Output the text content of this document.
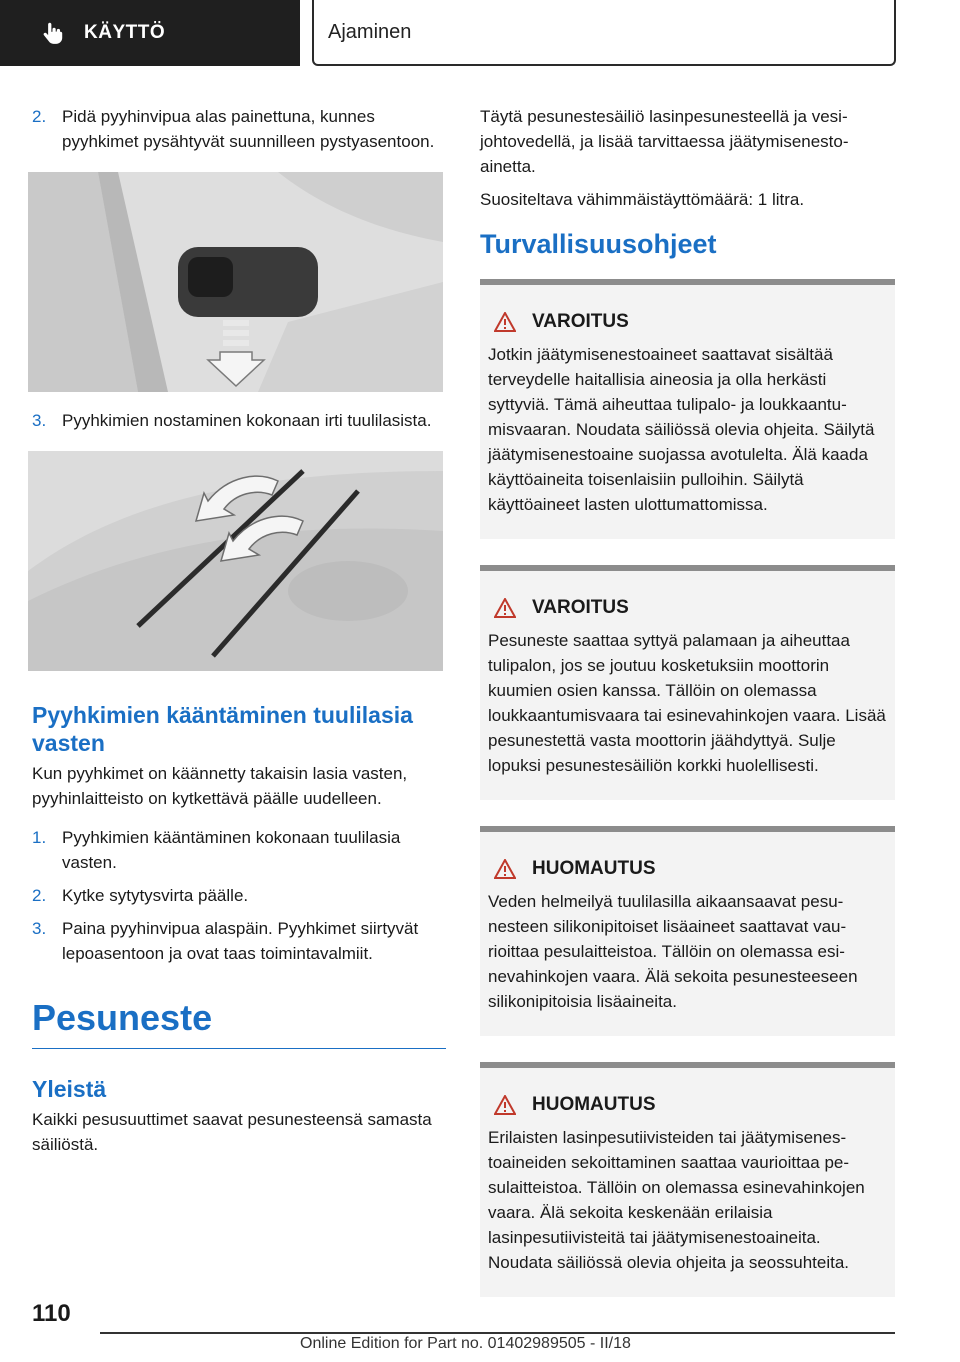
KÄYTTÖ	Ajaminen
2. Pidä pyyhinvipua alas painettuna, kunnes pyyhkimet pysähtyvät suunnilleen pystyasentoon.
3. Pyyhkimien nostaminen kokonaan irti tuulilasista.
Pyyhkimien kääntäminen tuulilasia vasten
Kun pyyhkimet on käännetty takaisin lasia vasten, pyyhinlaitteisto on kytkettävä päälle uudelleen.
1. Pyyhkimien kääntäminen kokonaan tuulilasia vasten.
2. Kytke sytytysvirta päälle.
3. Paina pyyhinvipua alaspäin. Pyyhkimet siirtyvät lepoasentoon ja ovat taas toimintavalmiit.
Pesuneste
Yleistä
Kaikki pesusuuttimet saavat pesunesteensä samasta säiliöstä.
Täytä pesunestesäiliö lasinpesunesteellä ja vesijohtovedellä, ja lisää tarvittaessa jäätymisenestoainetta.
Suositeltava vähimmäistäyttömäärä: 1 litra.
Turvallisuusohjeet
VAROITUS
Jotkin jäätymisenestoaineet saattavat sisältää terveydelle haitallisia aineosia ja olla herkästi syttyviä. Tämä aiheuttaa tulipalo- ja loukkaantumisvaaran. Noudata säiliössä olevia ohjeita. Säilytä jäätymisenestoaine suojassa avotulelta. Älä kaada käyttöaineita toisenlaisiin pulloihin. Säilytä käyttöaineet lasten ulottumattomissa.
VAROITUS
Pesuneste saattaa syttyä palamaan ja aiheuttaa tulipalon, jos se joutuu kosketuksiin moottorin kuumien osien kanssa. Tällöin on olemassa loukkaantumisvaara tai esinevahinkojen vaara. Lisää pesunestettä vasta moottorin jäähdyttyä. Sulje lopuksi pesunestesäiliön korkki huolellisesti.
HUOMAUTUS
Veden helmeilyä tuulilasilla aikaansaavat pesunesteen silikonipitoiset lisäaineet saattavat vaurioittaa pesulaitteistoa. Tällöin on olemassa esinevahinkojen vaara. Älä sekoita pesunesteeseen silikonipitoisia lisäaineita.
HUOMAUTUS
Erilaisten lasinpesutiivisteiden tai jäätymisenestoaineiden sekoittaminen saattaa vaurioittaa pesulaitteistoa. Tällöin on olemassa esinevahinkojen vaara. Älä sekoita keskenään erilaisia lasinpesutiivisteitä tai jäätymisenestoaineita. Noudata säiliössä olevia ohjeita ja seossuhteita.
110
Online Edition for Part no. 01402989505 - II/18
